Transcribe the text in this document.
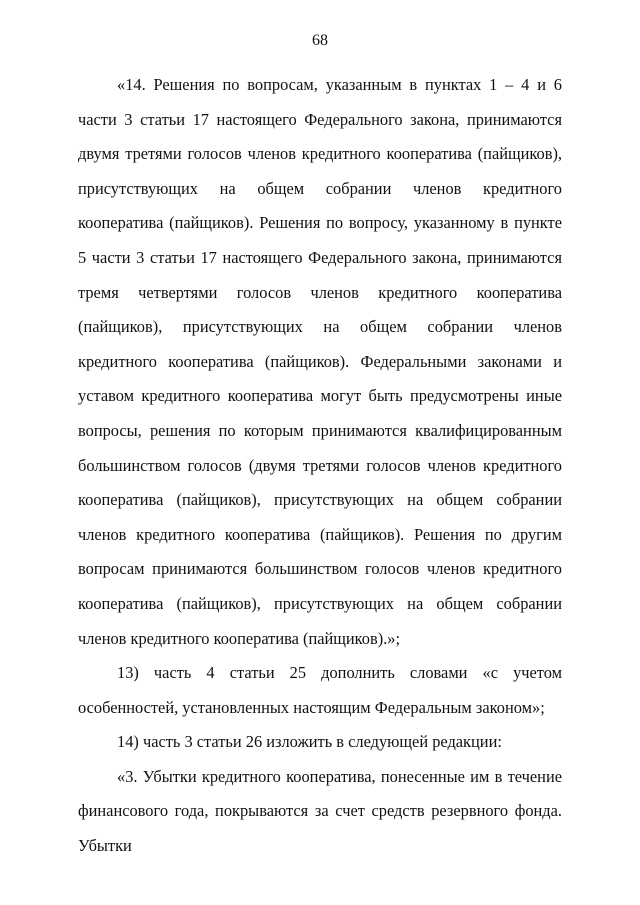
68

«14. Решения по вопросам, указанным в пунктах 1 – 4 и 6 части 3 статьи 17 настоящего Федерального закона, принимаются двумя третями голосов членов кредитного кооператива (пайщиков), присутствующих на общем собрании членов кредитного кооператива (пайщиков). Решения по вопросу, указанному в пункте 5 части 3 статьи 17 настоящего Федерального закона, принимаются тремя четвертями голосов членов кредитного кооператива (пайщиков), присутствующих на общем собрании членов кредитного кооператива (пайщиков). Федеральными законами и уставом кредитного кооператива могут быть предусмотрены иные вопросы, решения по которым принимаются квалифицированным большинством голосов (двумя третями голосов членов кредитного кооператива (пайщиков), присутствующих на общем собрании членов кредитного кооператива (пайщиков). Решения по другим вопросам принимаются большинством голосов членов кредитного кооператива (пайщиков), присутствующих на общем собрании членов кредитного кооператива (пайщиков).»;

13) часть 4 статьи 25 дополнить словами «с учетом особенностей, установленных настоящим Федеральным законом»;

14) часть 3 статьи 26 изложить в следующей редакции:

«3. Убытки кредитного кооператива, понесенные им в течение финансового года, покрываются за счет средств резервного фонда. Убытки
